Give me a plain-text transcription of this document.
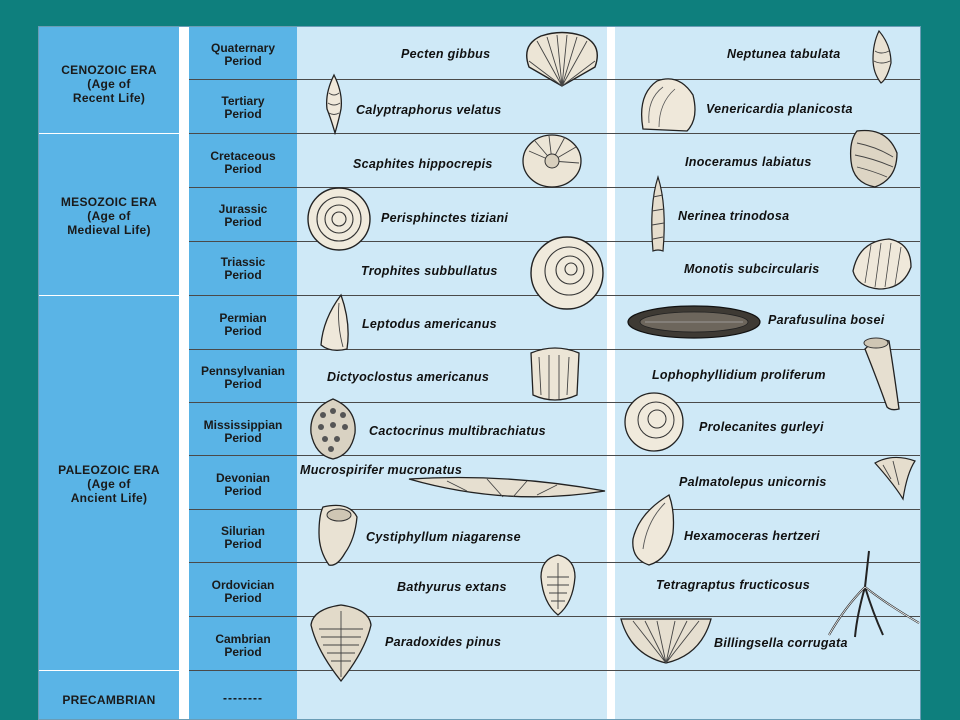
CENOZOIC ERA
(Age of
Recent Life)
MESOZOIC ERA
(Age of
Medieval Life)
PALEOZOIC ERA
(Age of
Ancient Life)
PRECAMBRIAN
Quaternary
Period
Tertiary
Period
Cretaceous
Period
Jurassic
Period
Triassic
Period
Permian
Period
Pennsylvanian
Period
Mississippian
Period
Devonian
Period
Silurian
Period
Ordovician
Period
Cambrian
Period
--------
Pecten gibbus
Calyptraphorus velatus
Scaphites hippocrepis
Perisphinctes tiziani
Trophites subbullatus
Leptodus americanus
Dictyoclostus americanus
Cactocrinus multibrachiatus
Mucrospirifer mucronatus
Cystiphyllum niagarense
Bathyurus extans
Paradoxides pinus
Neptunea tabulata
Venericardia planicosta
Inoceramus labiatus
Nerinea trinodosa
Monotis subcircularis
Parafusulina bosei
Lophophyllidium proliferum
Prolecanites gurleyi
Palmatolepus unicornis
Hexamoceras hertzeri
Tetragraptus fructicosus
Billingsella corrugata
